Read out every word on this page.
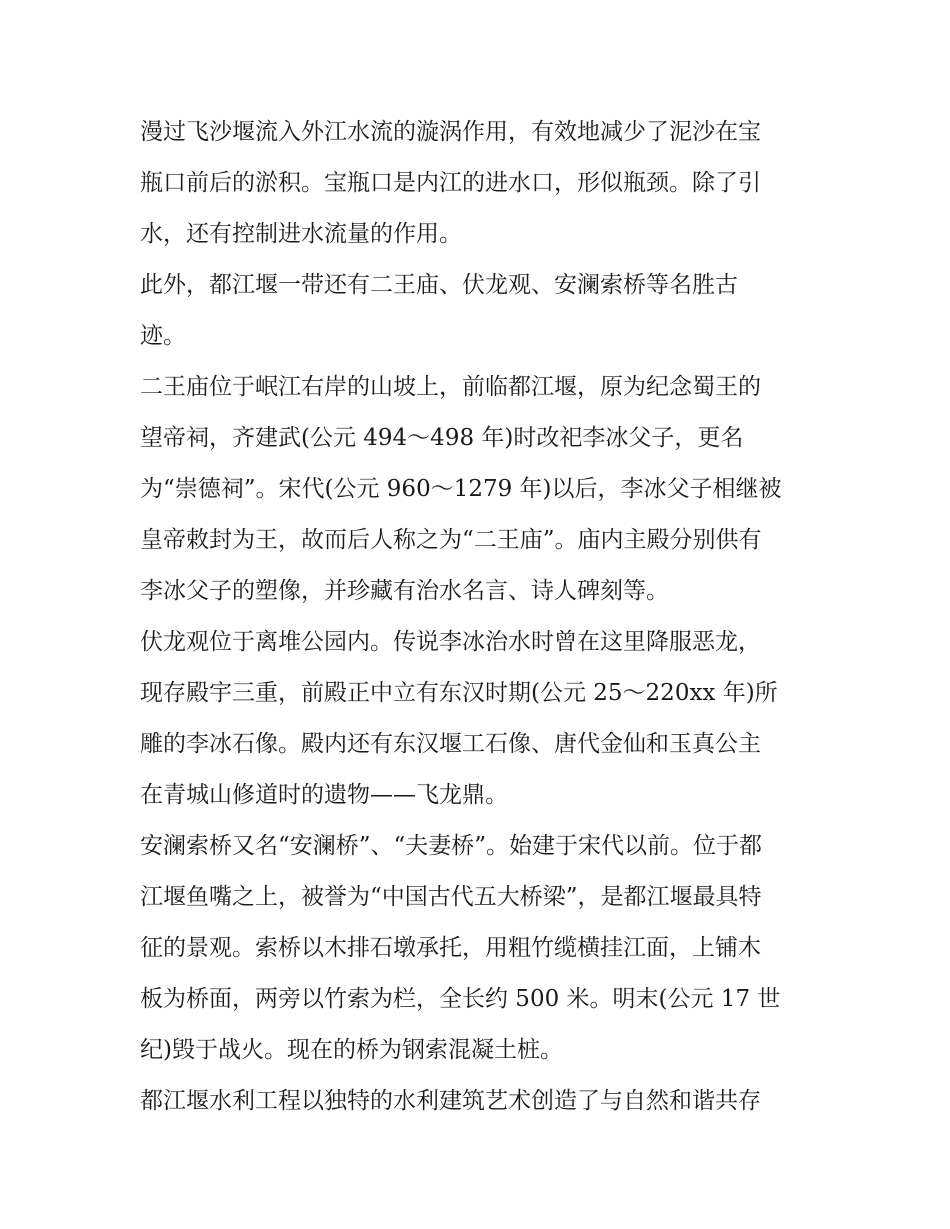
漫过飞沙堰流入外江水流的漩涡作用，有效地减少了泥沙在宝
瓶口前后的淤积。宝瓶口是内江的进水口，形似瓶颈。除了引
水，还有控制进水流量的作用。
此外，都江堰一带还有二王庙、伏龙观、安澜索桥等名胜古
迹。
二王庙位于岷江右岸的山坡上，前临都江堰，原为纪念蜀王的
望帝祠，齐建武(公元 494～498 年)时改祀李冰父子，更名
为“崇德祠”。宋代(公元 960～1279 年)以后，李冰父子相继被
皇帝敕封为王，故而后人称之为“二王庙”。庙内主殿分别供有
李冰父子的塑像，并珍藏有治水名言、诗人碑刻等。
伏龙观位于离堆公园内。传说李冰治水时曾在这里降服恶龙，
现存殿宇三重，前殿正中立有东汉时期(公元 25～220xx 年)所
雕的李冰石像。殿内还有东汉堰工石像、唐代金仙和玉真公主
在青城山修道时的遗物——飞龙鼎。
安澜索桥又名“安澜桥”、“夫妻桥”。始建于宋代以前。位于都
江堰鱼嘴之上，被誉为“中国古代五大桥梁”，是都江堰最具特
征的景观。索桥以木排石墩承托，用粗竹缆横挂江面，上铺木
板为桥面，两旁以竹索为栏，全长约 500 米。明末(公元 17 世
纪)毁于战火。现在的桥为钢索混凝土桩。
都江堰水利工程以独特的水利建筑艺术创造了与自然和谐共存
